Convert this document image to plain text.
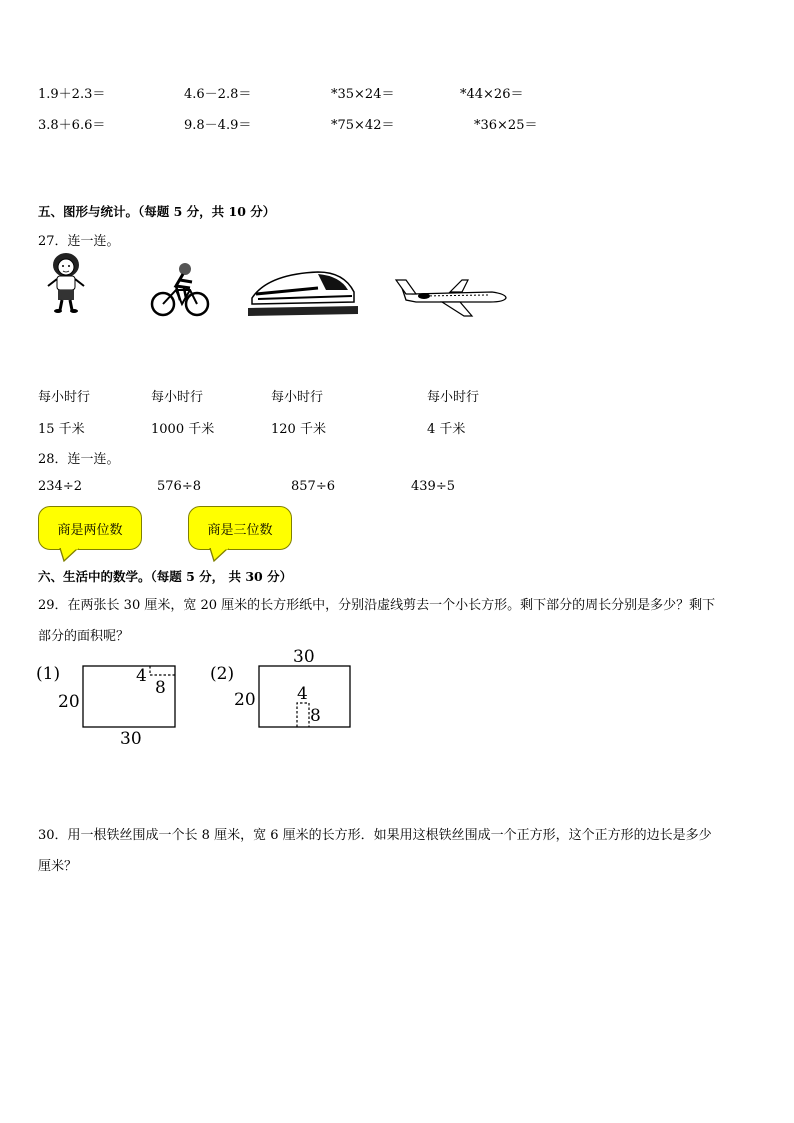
1.9＋2.3＝	4.6－2.8＝	*35×24＝	*44×26＝
3.8＋6.6＝	9.8－4.9＝	*75×42＝	*36×25＝
五、图形与统计。（每题 5 分，共 10 分）
27．连一连。
每小时行
15 千米
每小时行
1000 千米
每小时行
120 千米
每小时行
4 千米
28．连一连。
234÷2	576÷8	857÷6	439÷5
商是两位数	商是三位数
六、生活中的数学。（每题 5 分， 共 30 分）
29．在两张长 30 厘米，宽 20 厘米的长方形纸中，分别沿虚线剪去一个小长方形。剩下部分的周长分别是多少？剩下
部分的面积呢？
(1)
20
30
4
8
(2)
20
30
4
8
30．用一根铁丝围成一个长 8 厘米，宽 6 厘米的长方形．如果用这根铁丝围成一个正方形，这个正方形的边长是多少
厘米？
